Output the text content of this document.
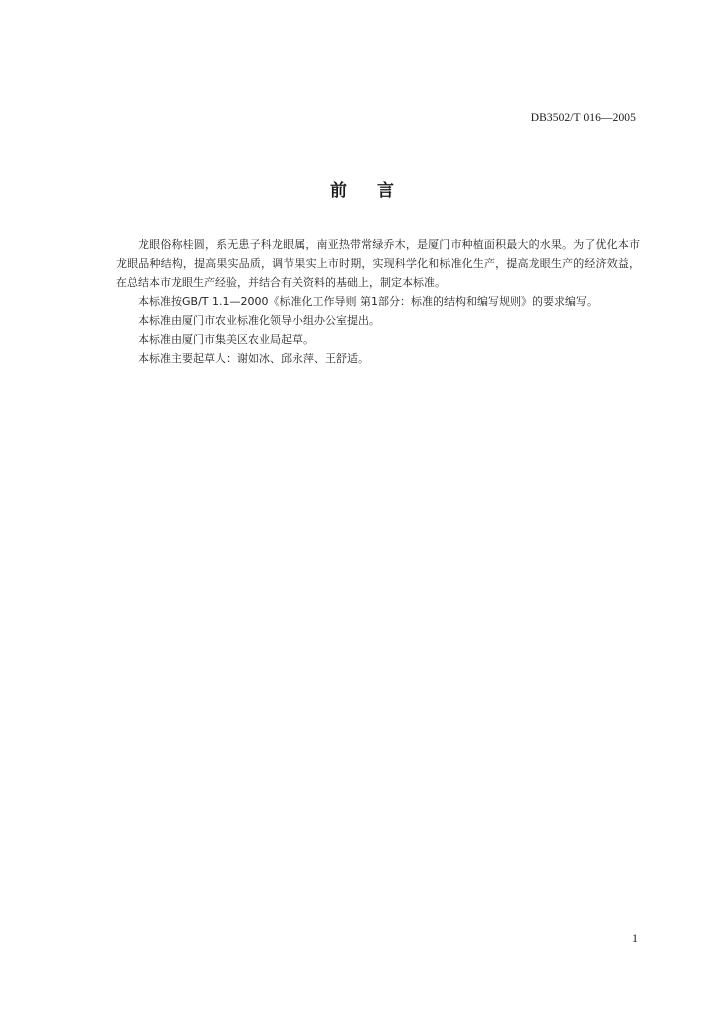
DB3502/T 016—2005
前言

龙眼俗称桂圆，系无患子科龙眼属，南亚热带常绿乔木，是厦门市种植面积最大的水果。为了优化本市龙眼品种结构，提高果实品质，调节果实上市时期，实现科学化和标准化生产，提高龙眼生产的经济效益，在总结本市龙眼生产经验，并结合有关资料的基础上，制定本标准。

本标准按GB/T 1.1—2000《标准化工作导则 第1部分：标准的结构和编写规则》的要求编写。

本标准由厦门市农业标准化领导小组办公室提出。

本标准由厦门市集美区农业局起草。

本标准主要起草人：谢如冰、邱永萍、王舒适。

1
